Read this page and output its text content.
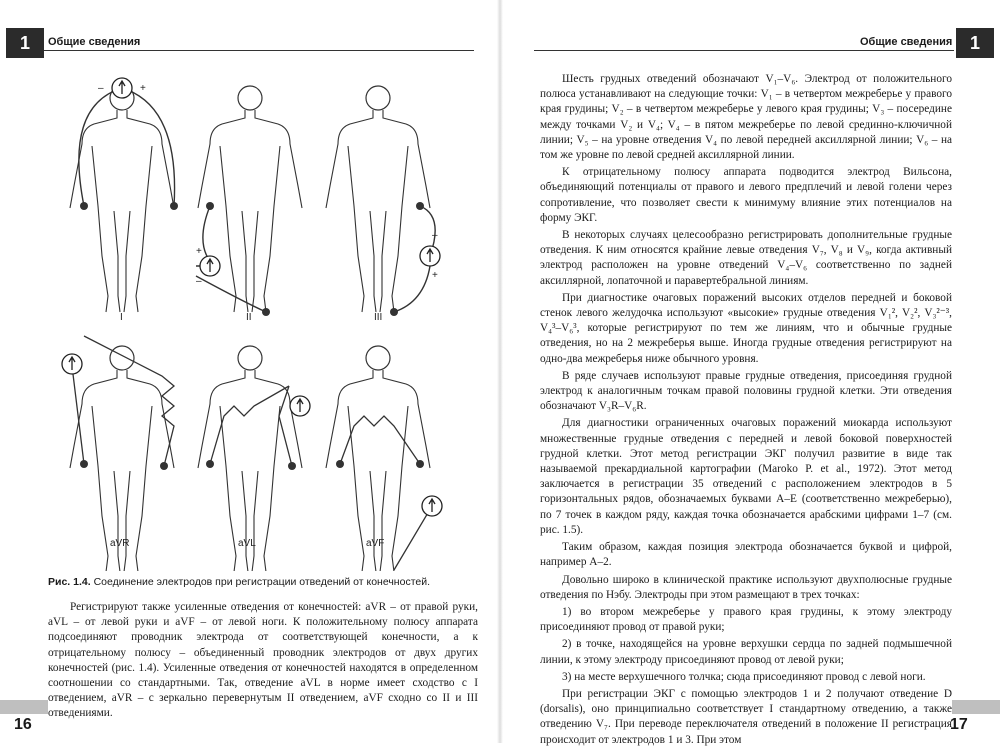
1	Общие сведения	Общие сведения 1
–	+
I
+
–
II
–
+
III
aVR	aVL	aVF
Рис. 1.4. Соединение электродов при регистрации отведений от конечностей.

Регистрируют также усиленные отведения от конечностей: aVR – от правой руки, aVL – от левой руки и aVF – от левой ноги. К положительному полюсу аппарата подсоединяют проводник электрода от соответствующей конечности, а к отрицательному полюсу – объединенный проводник электродов от двух других конечностей (рис. 1.4). Усиленные отведения от конечностей находятся в определенном соотношении со стандартными. Так, отведение aVL в норме имеет сходство с I отведением, aVR – с зеркально перевернутым II отведением, aVF сходно со II и III отведениями.

Шесть грудных отведений обозначают V₁–V₆. Электрод от положительного полюса устанавливают на следующие точки: V₁ – в четвертом межреберье у правого края грудины; V₂ – в четвертом межреберье у левого края грудины; V₃ – посередине между точками V₂ и V₄; V₄ – в пятом межреберье по левой срединно-ключичной линии; V₅ – на уровне отведения V₄ по левой передней аксиллярной линии; V₆ – на том же уровне по левой средней аксиллярной линии.

К отрицательному полюсу аппарата подводится электрод Вильсона, объединяющий потенциалы от правого и левого предплечий и левой голени через сопротивление, что позволяет свести к минимуму влияние этих потенциалов на форму ЭКГ.

В некоторых случаях целесообразно регистрировать дополнительные грудные отведения. К ним относятся крайние левые отведения V₇, V₈ и V₉, когда активный электрод расположен на уровне отведений V₄–V₆ соответственно по задней аксиллярной, лопаточной и паравертебральной линиям.

При диагностике очаговых поражений высоких отделов передней и боковой стенок левого желудочка используют «высокие» грудные отведения V₁², V₂², V₃²⁻³, V₄³–V₆³, которые регистрируют по тем же линиям, что и обычные грудные отведения, но на 2 межреберья выше. Иногда грудные отведения регистрируют на одно-два межреберья ниже обычного уровня.

В ряде случаев используют правые грудные отведения, присоединяя грудной электрод к аналогичным точкам правой половины грудной клетки. Эти отведения обозначают V₃R–V₆R.

Для диагностики ограниченных очаговых поражений миокарда используют множественные грудные отведения с передней и левой боковой поверхностей грудной клетки. Этот метод регистрации ЭКГ получил развитие в виде так называемой прекардиальной картографии (Maroko P. et al., 1972). Этот метод заключается в регистрации 35 отведений с расположением электродов в 5 горизонтальных рядов, обозначаемых буквами A–E (соответственно межреберью), по 7 точек в каждом ряду, каждая точка обозначается арабскими цифрами 1–7 (см. рис. 1.5).

Таким образом, каждая позиция электрода обозначается буквой и цифрой, например A–2.

Довольно широко в клинической практике используют двухполюсные грудные отведения по Нэбу. Электроды при этом размещают в трех точках:

1) во втором межреберье у правого края грудины, к этому электроду присоединяют провод от правой руки;

2) в точке, находящейся на уровне верхушки сердца по задней подмышечной линии, к этому электроду присоединяют провод от левой руки;

3) на месте верхушечного толчка; сюда присоединяют провод с левой ноги.

При регистрации ЭКГ с помощью электродов 1 и 2 получают отведение D (dorsalis), оно принципиально соответствует I стандартному отведению, а также отведению V₇. При переводе переключателя отведений в положение II регистрация происходит от электродов 1 и 3. При этом

16	17
